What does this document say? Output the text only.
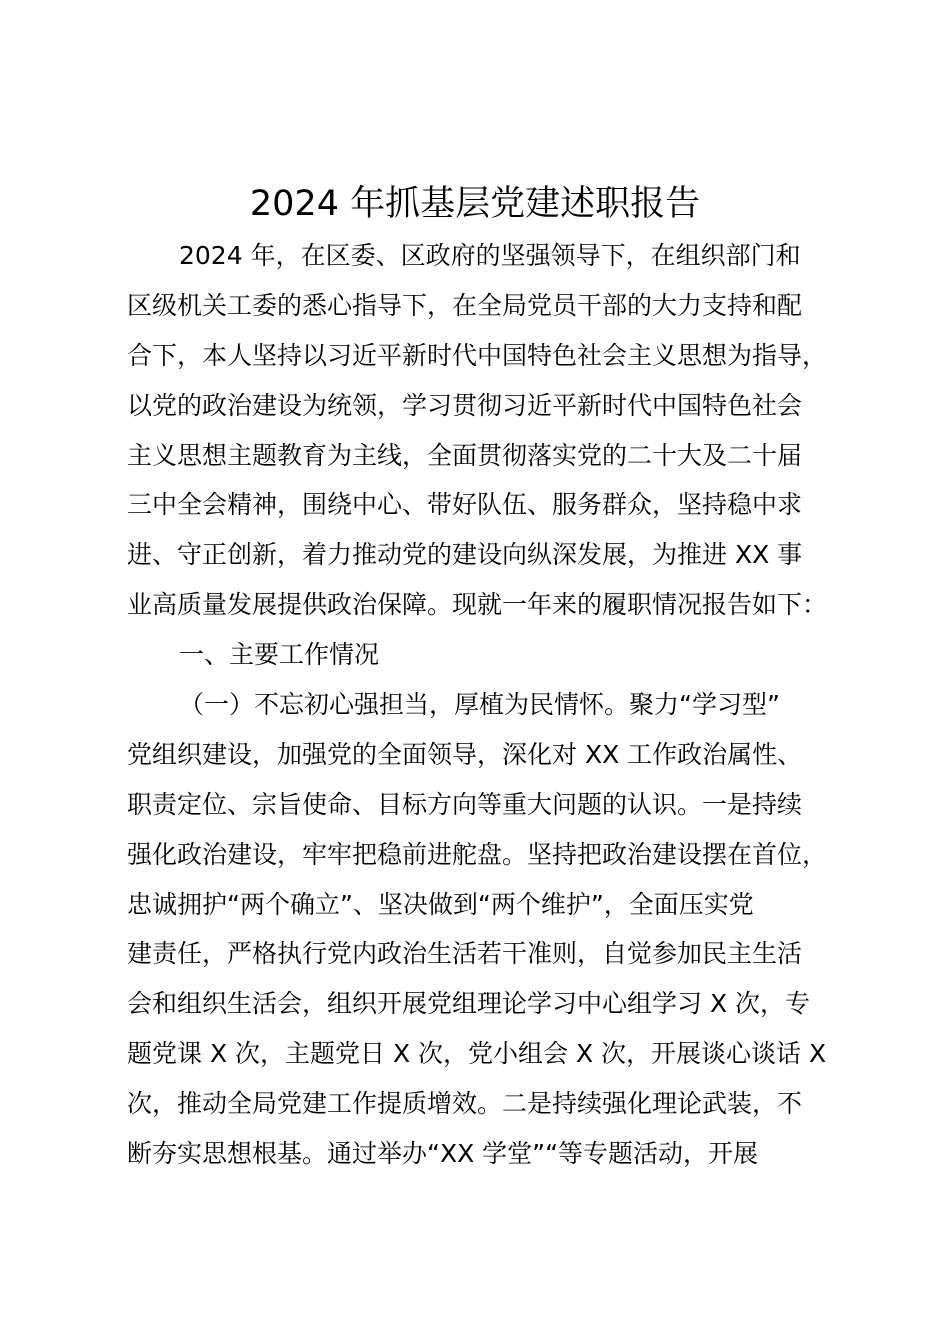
2024 年抓基层党建述职报告
2024 年，在区委、区政府的坚强领导下，在组织部门和
区级机关工委的悉心指导下，在全局党员干部的大力支持和配
合下，本人坚持以习近平新时代中国特色社会主义思想为指导，
以党的政治建设为统领，学习贯彻习近平新时代中国特色社会
主义思想主题教育为主线，全面贯彻落实党的二十大及二十届
三中全会精神，围绕中心、带好队伍、服务群众，坚持稳中求
进、守正创新，着力推动党的建设向纵深发展，为推进 XX 事
业高质量发展提供政治保障。现就一年来的履职情况报告如下：
一、主要工作情况
（一）不忘初心强担当，厚植为民情怀。聚力“学习型”
党组织建设，加强党的全面领导，深化对 XX 工作政治属性、
职责定位、宗旨使命、目标方向等重大问题的认识。一是持续
强化政治建设，牢牢把稳前进舵盘。坚持把政治建设摆在首位，
忠诚拥护“两个确立”、坚决做到“两个维护”，全面压实党
建责任，严格执行党内政治生活若干准则，自觉参加民主生活
会和组织生活会，组织开展党组理论学习中心组学习 X 次，专
题党课 X 次，主题党日 X 次，党小组会 X 次，开展谈心谈话 X
次，推动全局党建工作提质增效。二是持续强化理论武装，不
断夯实思想根基。通过举办“XX 学堂”“等专题活动，开展
